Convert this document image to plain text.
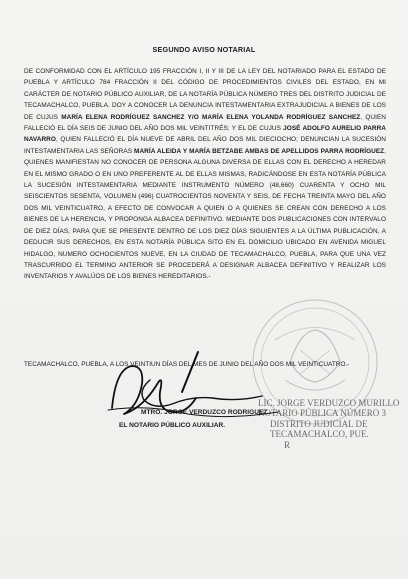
SEGUNDO AVISO NOTARIAL
DE CONFORMIDAD CON EL ARTÍCULO 195 FRACCIÓN I, II Y III DE LA LEY DEL NOTARIADO PARA EL ESTADO DE PUEBLA Y ARTÍCULO 784 FRACCIÓN II DEL CÓDIGO DE PROCEDIMIENTOS CIVILES DEL ESTADO, EN MI CARÁCTER DE NOTARIO PÚBLICO AUXILIAR, DE LA NOTARÍA PÚBLICA NÚMERO TRES DEL DISTRITO JUDICIAL DE TECAMACHALCO, PUEBLA. DOY A CONOCER LA DENUNCIA INTESTAMENTARIA EXTRAJUDICIAL A BIENES DE LOS DE CUJUS MARÍA ELENA RODRÍGUEZ SANCHEZ Y/O MARÍA ELENA YOLANDA RODRÍGUEZ SANCHEZ, QUIEN FALLECIÓ EL DÍA SEIS DE JUNIO DEL AÑO DOS MIL VEINTITRÉS; Y EL DE CUJUS JOSÉ ADOLFO AURELIO PARRA NAVARRO, QUIEN FALLECIÓ EL DÍA NUEVE DE ABRIL DEL AÑO DOS MIL DIECIOCHO; DENUNCIAN LA SUCESIÓN INTESTAMENTARIA LAS SEÑORAS MARÍA ALEIDA Y MARÍA BETZABE AMBAS DE APELLIDOS PARRA RODRÍGUEZ, QUIENES MANIFIESTAN NO CONOCER DE PERSONA ALGUNA DIVERSA DE ELLAS CON EL DERECHO A HEREDAR EN EL MISMO GRADO O EN UNO PREFERENTE AL DE ELLAS MISMAS, RADICÁNDOSE EN ESTA NOTARÍA PÚBLICA LA SUCESIÓN INTESTAMENTARIA MEDIANTE INSTRUMENTO NÚMERO (48,660) CUARENTA Y OCHO MIL SEISCIENTOS SESENTA, VOLUMEN (496) CUATROCIENTOS NOVENTA Y SEIS, DE FECHA TREINTA MAYO DEL AÑO DOS MIL VEINTICUATRO, A EFECTO DE CONVOCAR A QUIEN O A QUIENES SE CREAN CON DERECHO A LOS BIENES DE LA HERENCIA, Y PROPONGA ALBACEA DEFINITIVO. MEDIANTE DOS PUBLICACIONES CON INTERVALO DE DIEZ DÍAS, PARA QUE SE PRESENTE DENTRO DE LOS DIEZ DÍAS SIGUIENTES A LA ÚLTIMA PUBLICACIÓN, A DEDUCIR SUS DERECHOS, EN ESTA NOTARÍA PÚBLICA SITO EN EL DOMICILIO UBICADO EN AVENIDA MIGUEL HIDALGO, NUMERO OCHOCIENTOS NUEVE, EN LA CIUDAD DE TECAMACHALCO, PUEBLA, PARA QUE UNA VEZ TRASCURRIDO EL TERMINO ANTERIOR SE PROCEDERÁ A DESIGNAR ALBACEA DEFINITIVO Y REALIZAR LOS INVENTARIOS Y AVALÚOS DE LOS BIENES HEREDITARIOS.-
TECAMACHALCO, PUEBLA, A LOS VEINTIUN DÍAS DEL MES DE JUNIO DEL AÑO DOS MIL VEINTICUATRO.-
LIC. JORGE VERDUZCO MURILLO
NOTARIO PÚBLICA NÚMERO 3
DISTRITO JUDICIAL DE
TECAMACHALCO, PUE.
R
MTRO. JORGE VERDUZCO RODRIGUEZ
EL NOTARIO PÚBLICO AUXILIAR.
